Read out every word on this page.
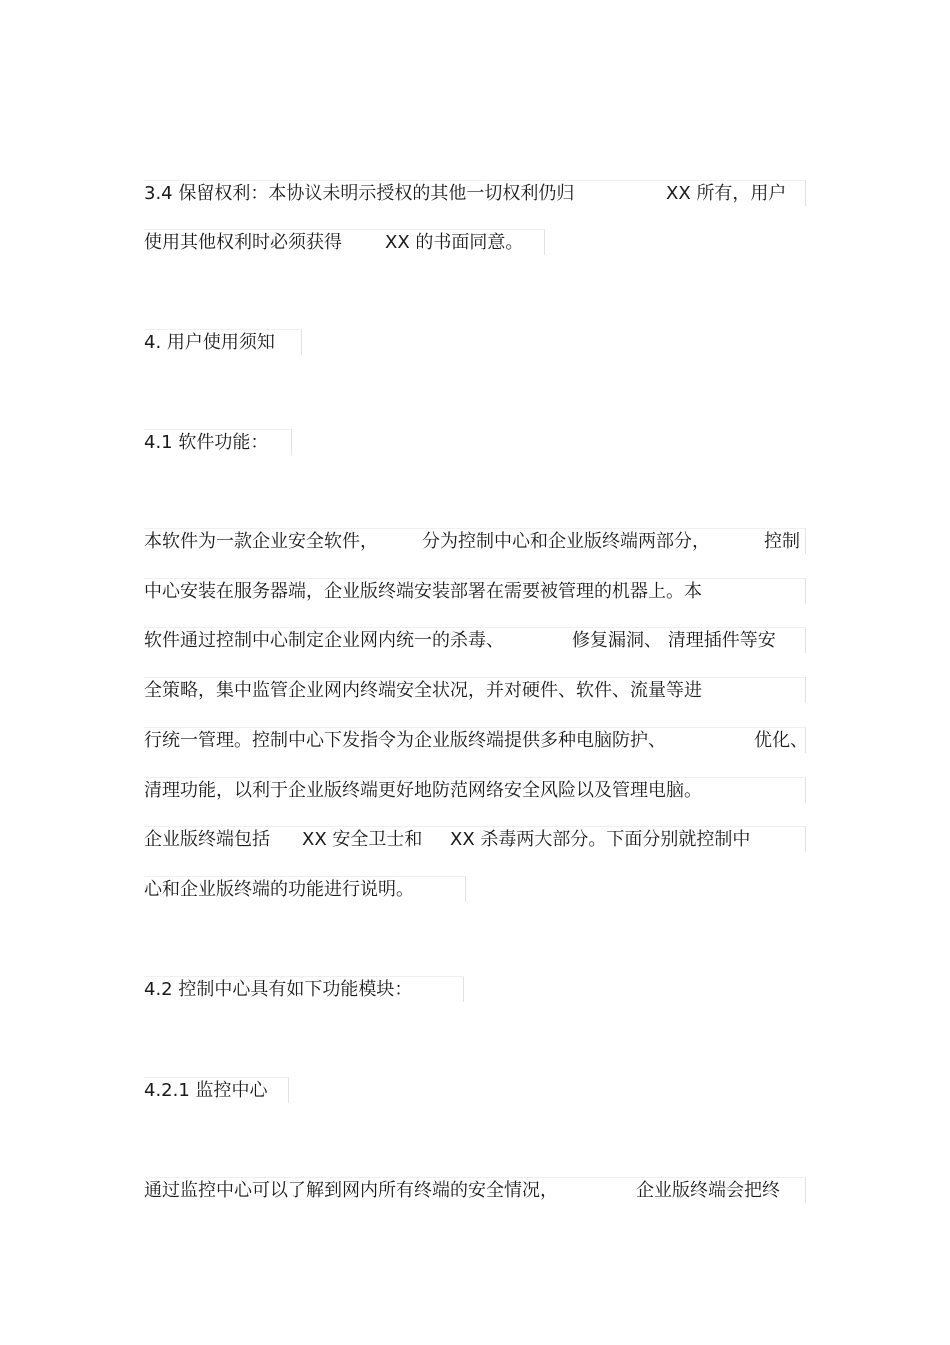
3.4 保留权利：本协议未明示授权的其他一切权利仍归	XX 所有，用户
使用其他权利时必须获得 XX 的书面同意。
4. 用户使用须知
4.1 软件功能：
本软件为一款企业安全软件， 分为控制中心和企业版终端两部分，	控制
中心安装在服务器端，企业版终端安装部署在需要被管理的机器上。本
软件通过控制中心制定企业网内统一的杀毒、	修复漏洞、 清理插件等安
全策略，集中监管企业网内终端安全状况，并对硬件、软件、流量等进
行统一管理。控制中心下发指令为企业版终端提供多种电脑防护、	优化、
清理功能，以利于企业版终端更好地防范网络安全风险以及管理电脑。
企业版终端包括 XX 安全卫士和 XX 杀毒两大部分。下面分别就控制中
心和企业版终端的功能进行说明。
4.2 控制中心具有如下功能模块：
4.2.1 监控中心
通过监控中心可以了解到网内所有终端的安全情况，	企业版终端会把终
